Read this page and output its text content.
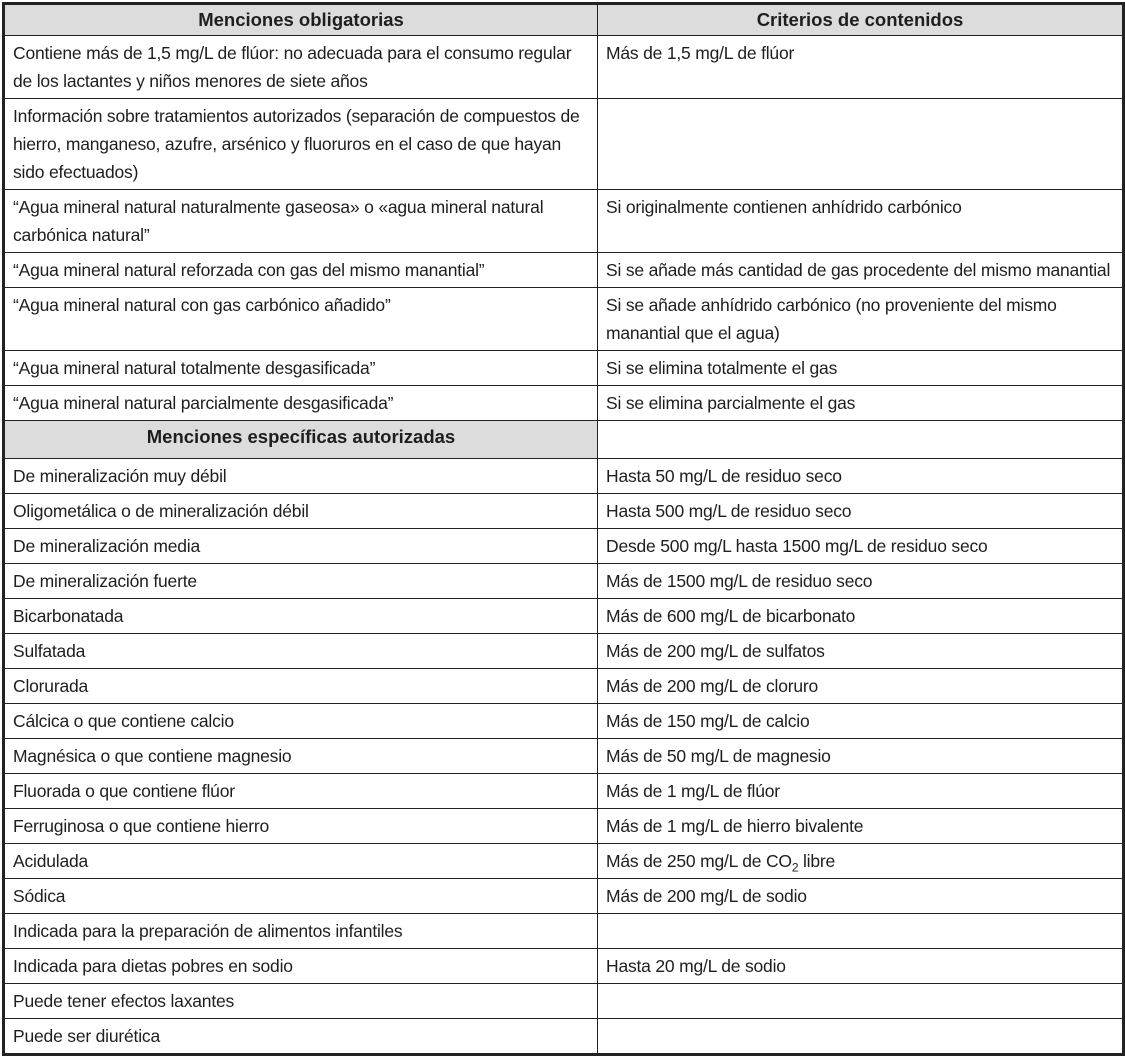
Menciones obligatorias	Criterios de contenidos
Contiene más de 1,5 mg/L de flúor: no adecuada para el consumo regular de los lactantes y niños menores de siete años	Más de 1,5 mg/L de flúor
Información sobre tratamientos autorizados (separación de compuestos de hierro, manganeso, azufre, arsénico y fluoruros en el caso de que hayan sido efectuados)	
“Agua mineral natural naturalmente gaseosa» o «agua mineral natural carbónica natural”	Si originalmente contienen anhídrido carbónico
“Agua mineral natural reforzada con gas del mismo manantial”	Si se añade más cantidad de gas procedente del mismo manantial
“Agua mineral natural con gas carbónico añadido”	Si se añade anhídrido carbónico (no proveniente del mismo manantial que el agua)
“Agua mineral natural totalmente desgasificada”	Si se elimina totalmente el gas
“Agua mineral natural parcialmente desgasificada”	Si se elimina parcialmente el gas
Menciones específicas autorizadas	
De mineralización muy débil	Hasta 50 mg/L de residuo seco
Oligometálica o de mineralización débil	Hasta 500 mg/L de residuo seco
De mineralización media	Desde 500 mg/L hasta 1500 mg/L de residuo seco
De mineralización fuerte	Más de 1500 mg/L de residuo seco
Bicarbonatada	Más de 600 mg/L de bicarbonato
Sulfatada	Más de 200 mg/L de sulfatos
Clorurada	Más de 200 mg/L de cloruro
Cálcica o que contiene calcio	Más de 150 mg/L de calcio
Magnésica o que contiene magnesio	Más de 50 mg/L de magnesio
Fluorada o que contiene flúor	Más de 1 mg/L de flúor
Ferruginosa o que contiene hierro	Más de 1 mg/L de hierro bivalente
Acidulada	Más de 250 mg/L de $CO_2$ libre
Sódica	Más de 200 mg/L de sodio
Indicada para la preparación de alimentos infantiles	
Indicada para dietas pobres en sodio	Hasta 20 mg/L de sodio
Puede tener efectos laxantes	
Puede ser diurética	
